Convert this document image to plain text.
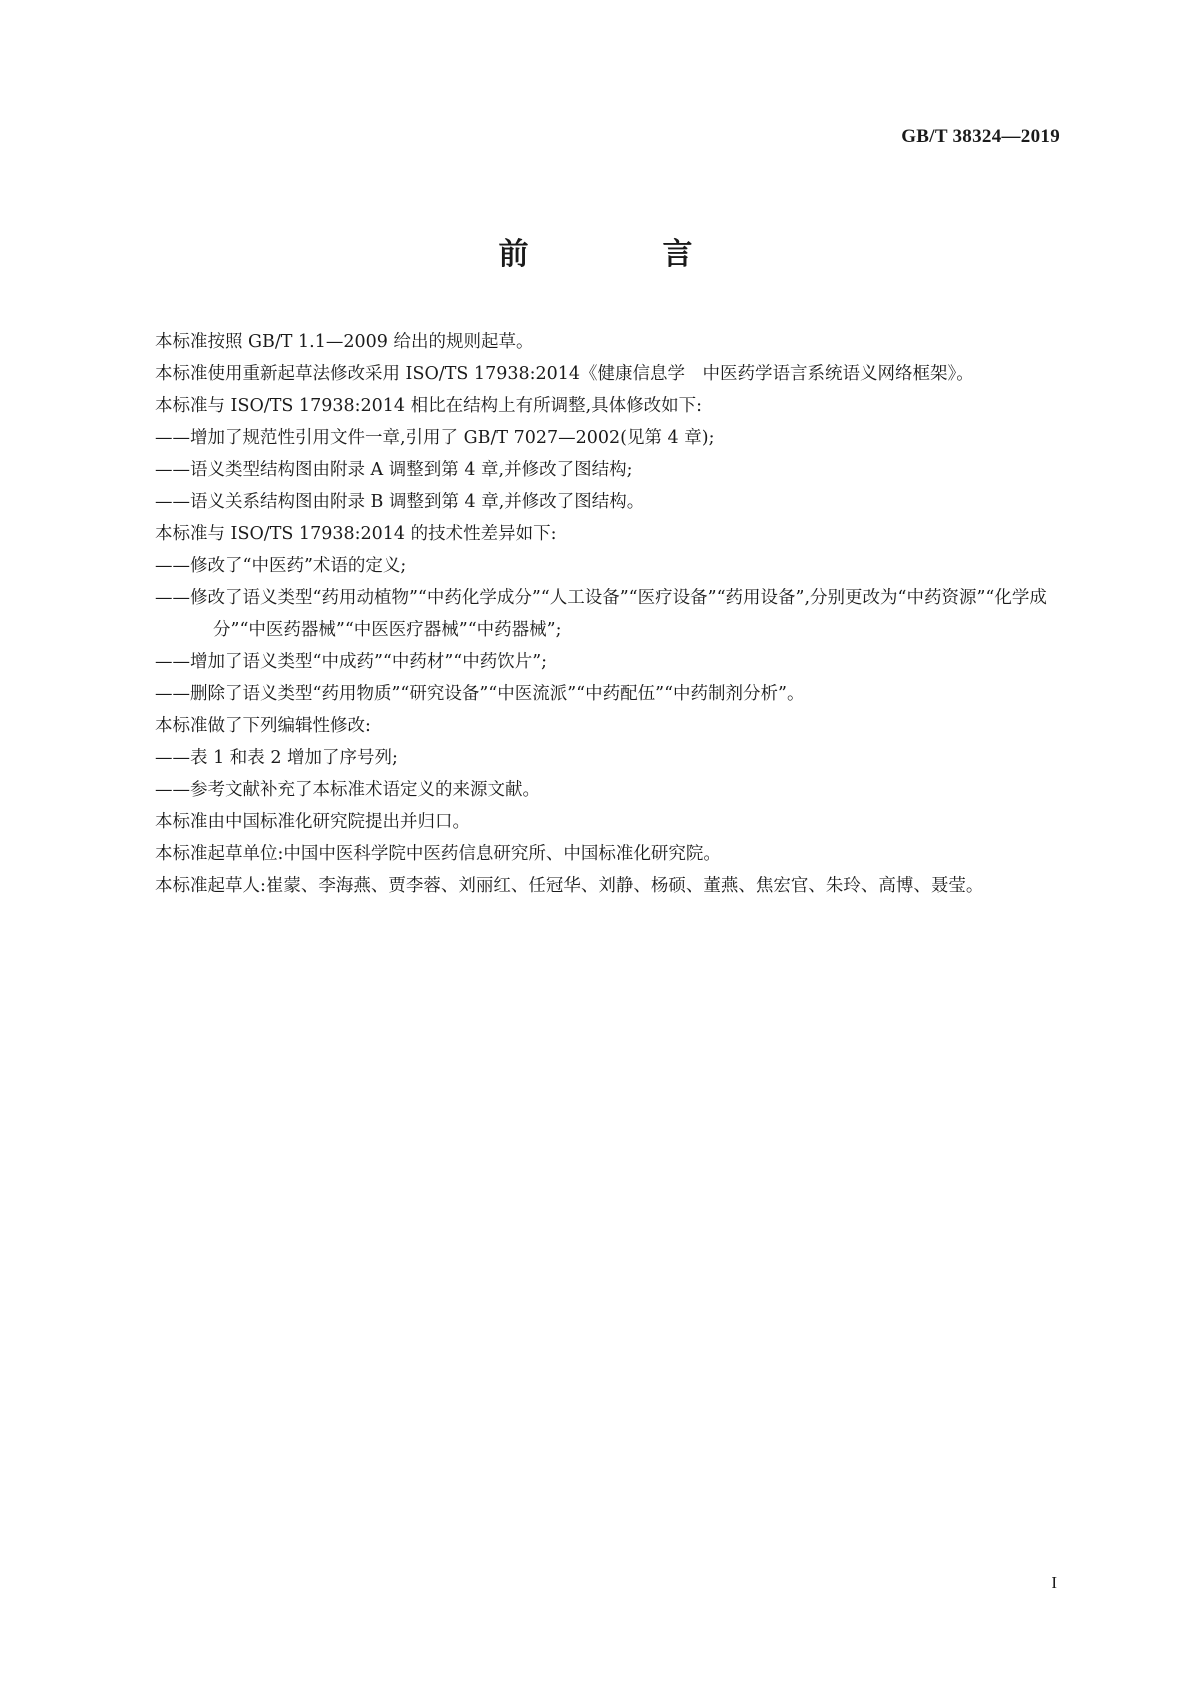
GB/T 38324—2019
前　言

本标准按照 GB/T 1.1—2009 给出的规则起草。

本标准使用重新起草法修改采用 ISO/TS 17938:2014《健康信息学　中医药学语言系统语义网络框架》。

本标准与 ISO/TS 17938:2014 相比在结构上有所调整,具体修改如下:

——增加了规范性引用文件一章,引用了 GB/T 7027—2002(见第 4 章);

——语义类型结构图由附录 A 调整到第 4 章,并修改了图结构;

——语义关系结构图由附录 B 调整到第 4 章,并修改了图结构。

本标准与 ISO/TS 17938:2014 的技术性差异如下:

——修改了“中医药”术语的定义;

——修改了语义类型“药用动植物”“中药化学成分”“人工设备”“医疗设备”“药用设备”,分别更改为“中药资源”“化学成分”“中医药器械”“中医医疗器械”“中药器械”;

——增加了语义类型“中成药”“中药材”“中药饮片”;

——删除了语义类型“药用物质”“研究设备”“中医流派”“中药配伍”“中药制剂分析”。

本标准做了下列编辑性修改:

——表 1 和表 2 增加了序号列;

——参考文献补充了本标准术语定义的来源文献。

本标准由中国标准化研究院提出并归口。

本标准起草单位:中国中医科学院中医药信息研究所、中国标准化研究院。

本标准起草人:崔蒙、李海燕、贾李蓉、刘丽红、任冠华、刘静、杨硕、董燕、焦宏官、朱玲、高博、聂莹。

I
